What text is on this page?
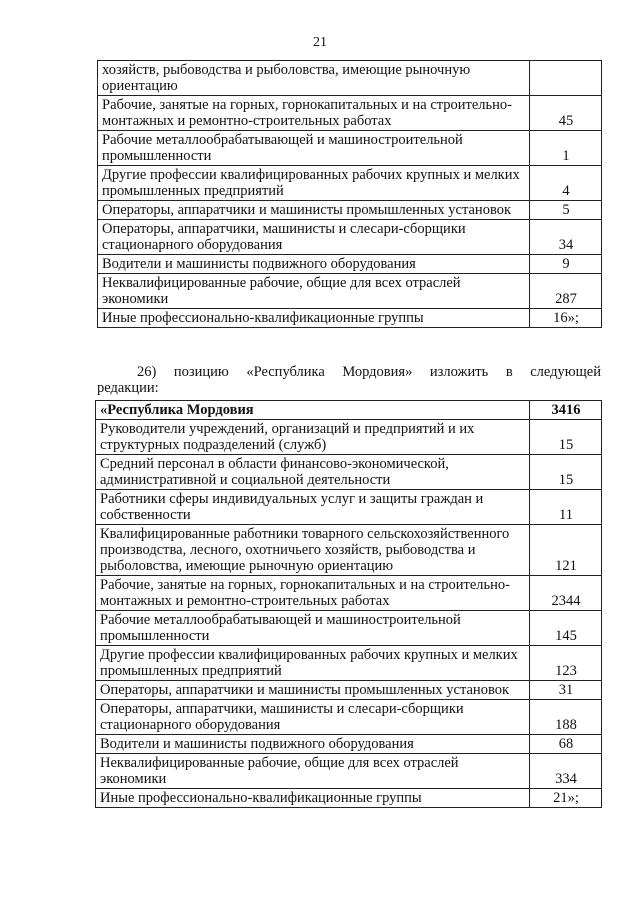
21
хозяйств, рыбоводства и рыболовства, имеющие рыночную ориентацию	
Рабочие, занятые на горных, горнокапитальных и на строительно-монтажных и ремонтно-строительных работах	45
Рабочие металлообрабатывающей и машиностроительной промышленности	1
Другие профессии квалифицированных рабочих крупных и мелких промышленных предприятий	4
Операторы, аппаратчики и машинисты промышленных установок	5
Операторы, аппаратчики, машинисты и слесари-сборщики стационарного оборудования	34
Водители и машинисты подвижного оборудования	9
Неквалифицированные рабочие, общие для всех отраслей экономики	287
Иные профессионально-квалификационные группы	16»;
26) позицию «Республика Мордовия» изложить в следующей
редакции:
«Республика Мордовия	3416
Руководители учреждений, организаций и предприятий и их структурных подразделений (служб)	15
Средний персонал в области финансово-экономической, административной и социальной деятельности	15
Работники сферы индивидуальных услуг и защиты граждан и собственности	11
Квалифицированные работники товарного сельскохозяйственного производства, лесного, охотничьего хозяйств, рыбоводства и рыболовства, имеющие рыночную ориентацию	121
Рабочие, занятые на горных, горнокапитальных и на строительно-монтажных и ремонтно-строительных работах	2344
Рабочие металлообрабатывающей и машиностроительной промышленности	145
Другие профессии квалифицированных рабочих крупных и мелких промышленных предприятий	123
Операторы, аппаратчики и машинисты промышленных установок	31
Операторы, аппаратчики, машинисты и слесари-сборщики стационарного оборудования	188
Водители и машинисты подвижного оборудования	68
Неквалифицированные рабочие, общие для всех отраслей экономики	334
Иные профессионально-квалификационные группы	21»;
